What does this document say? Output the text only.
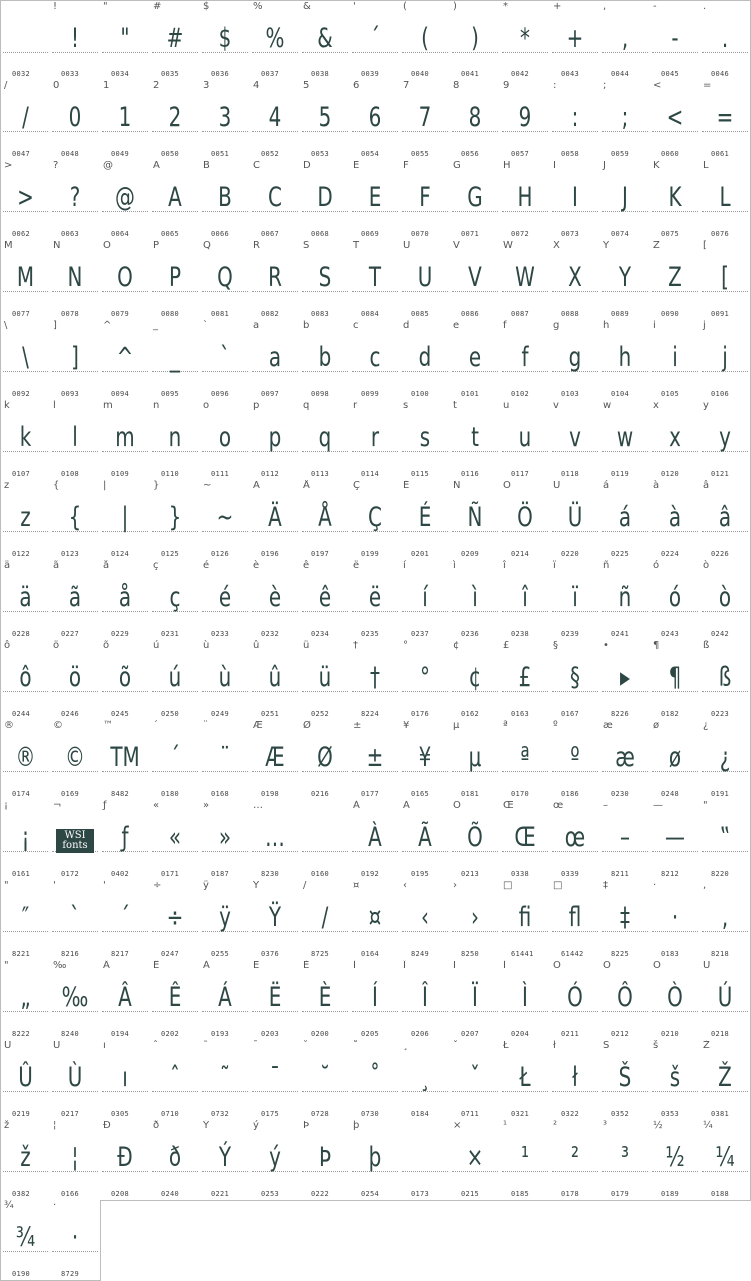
0032
!
!
0033
"
"
0034
#
#
0035
$
$
0036
%
%
0037
&
&
0038
'
´
0039
(
(
0040
)
)
0041
*
*
0042
+
+
0043
,
,
0044
-
-
0045
.
.
0046
/
/
0047
0
0
0048
1
1
0049
2
2
0050
3
3
0051
4
4
0052
5
5
0053
6
6
0054
7
7
0055
8
8
0056
9
9
0057
:
:
0058
;
;
0059
<
<
0060
=
=
0061
>
>
0062
?
?
0063
@
@
0064
A
A
0065
B
B
0066
C
C
0067
D
D
0068
E
E
0069
F
F
0070
G
G
0071
H
H
0072
I
I
0073
J
J
0074
K
K
0075
L
L
0076
M
M
0077
N
N
0078
O
O
0079
P
P
0080
Q
Q
0081
R
R
0082
S
S
0083
T
T
0084
U
U
0085
V
V
0086
W
W
0087
X
X
0088
Y
Y
0089
Z
Z
0090
[
[
0091
\
\
0092
]
]
0093
^
^
0094
_
_
0095
`
`
0096
a
a
0097
b
b
0098
c
c
0099
d
d
0100
e
e
0101
f
f
0102
g
g
0103
h
h
0104
i
i
0105
j
j
0106
k
k
0107
l
l
0108
m
m
0109
n
n
0110
o
o
0111
p
p
0112
q
q
0113
r
r
0114
s
s
0115
t
t
0116
u
u
0117
v
v
0118
w
w
0119
x
x
0120
y
y
0121
z
z
0122
{
{
0123
|
|
0124
}
}
0125
~
~
0126
Ä
Ä
0196
Å
Å
0197
Ç
Ç
0199
É
É
0201
Ñ
Ñ
0209
Ö
Ö
0214
Ü
Ü
0220
á
á
0225
à
à
0224
â
â
0226
ä
ä
0228
ã
ã
0227
å
å
0229
ç
ç
0231
é
é
0233
è
è
0232
ê
ê
0234
ë
ë
0235
í
í
0237
ì
ì
0236
î
î
0238
ï
ï
0239
ñ
ñ
0241
ó
ó
0243
ò
ò
0242
ô
ô
0244
ö
ö
0246
õ
õ
0245
ú
ú
0250
ù
ù
0249
û
û
0251
ü
ü
0252
†
†
8224
°
°
0176
¢
¢
0162
£
£
0163
§
§
0167
•
▸
8226
¶
¶
0182
ß
ß
0223
®
®
0174
©
©
0169
™
TM
8482
´
´
0180
¨
¨
0168
Æ
Æ
0198
Ø
Ø
0216
±
±
0177
¥
¥
0165
µ
µ
0181
ª
ª
0170
º
º
0186
æ
æ
0230
ø
ø
0248
¿
¿
0191
¡
¡
0161
¬
WSI
fonts
0172
ƒ
ƒ
0402
«
«
0171
»
»
0187
…
…
8230	0160
À
À
0192
Ã
Ã
0195
Õ
Õ
0213
Œ
Œ
0338
œ
œ
0339
–
–
8211
—
—
8212
"
‟
8220
"
″
8221
'
`
8216
'
´
8217
÷
÷
0247
ÿ
ÿ
0255
Ÿ
Ÿ
0376
/
/
8725
¤
¤
0164
‹
‹
8249
›
›
8250
□
ﬁ
61441
□
ﬂ
61442
‡
‡
8225
·
·
0183
,
,
8218
"
„
8222
‰
‰
8240
Â
Â
0194
Ê
Ê
0202
Á
Á
0193
Ë
Ë
0203
È
È
0200
Í
Í
0205
Î
Î
0206
Ï
Ï
0207
Ì
Ì
0204
Ó
Ó
0211
Ô
Ô
0212
Ò
Ò
0210
Ú
Ú
0218
Û
Û
0219
Ù
Ù
0217
ı
ı
0305
ˆ
ˆ
0710
˜
˜
0732
¯
¯
0175
˘
˘
0728
˚
˚
0730
¸
¸
0184
ˇ
ˇ
0711
Ł
Ł
0321
ł
ł
0322
Š
Š
0352
š
š
0353
Ž
Ž
0381
ž
ž
0382
¦
¦
0166
Ð
Ð
0208
ð
ð
0240
Ý
Ý
0221
ý
ý
0253
Þ
Þ
0222
þ
þ
0254	0173
×
×
0215
¹
¹
0185
²
²
0178
³
³
0179
½
½
0189
¼
¼
0188
¾
¾
0190
·
·
8729
